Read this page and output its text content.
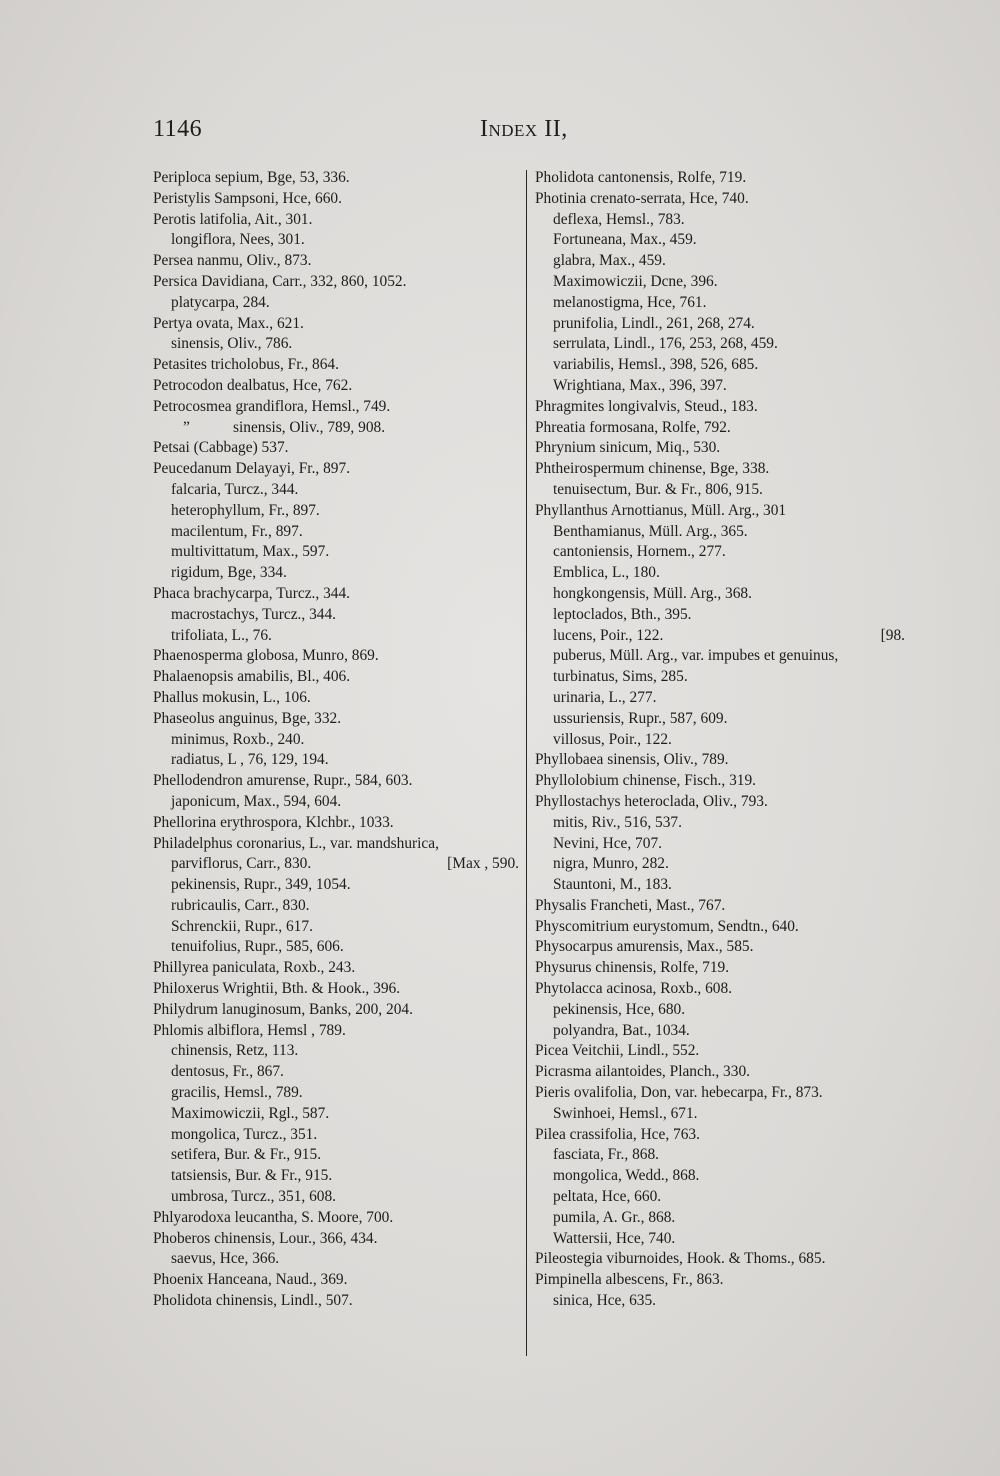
1146	Index II,
Periploca sepium, Bge, 53, 336.
Peristylis Sampsoni, Hce, 660.
Perotis latifolia, Ait., 301.
longiflora, Nees, 301.
Persea nanmu, Oliv., 873.
Persica Davidiana, Carr., 332, 860, 1052.
platycarpa, 284.
Pertya ovata, Max., 621.
sinensis, Oliv., 786.
Petasites tricholobus, Fr., 864.
Petrocodon dealbatus, Hce, 762.
Petrocosmea grandiflora, Hemsl., 749.
”	sinensis, Oliv., 789, 908.
Petsai (Cabbage) 537.
Peucedanum Delayayi, Fr., 897.
falcaria, Turcz., 344.
heterophyllum, Fr., 897.
macilentum, Fr., 897.
multivittatum, Max., 597.
rigidum, Bge, 334.
Phaca brachycarpa, Turcz., 344.
macrostachys, Turcz., 344.
trifoliata, L., 76.
Phaenosperma globosa, Munro, 869.
Phalaenopsis amabilis, Bl., 406.
Phallus mokusin, L., 106.
Phaseolus anguinus, Bge, 332.
minimus, Roxb., 240.
radiatus, L , 76, 129, 194.
Phellodendron amurense, Rupr., 584, 603.
japonicum, Max., 594, 604.
Phellorina erythrospora, Klchbr., 1033.
Philadelphus coronarius, L., var. mandshurica,
parviflorus, Carr., 830.	[Max , 590.
pekinensis, Rupr., 349, 1054.
rubricaulis, Carr., 830.
Schrenckii, Rupr., 617.
tenuifolius, Rupr., 585, 606.
Phillyrea paniculata, Roxb., 243.
Philoxerus Wrightii, Bth. & Hook., 396.
Philydrum lanuginosum, Banks, 200, 204.
Phlomis albiflora, Hemsl , 789.
chinensis, Retz, 113.
dentosus, Fr., 867.
gracilis, Hemsl., 789.
Maximowiczii, Rgl., 587.
mongolica, Turcz., 351.
setifera, Bur. & Fr., 915.
tatsiensis, Bur. & Fr., 915.
umbrosa, Turcz., 351, 608.
Phlyarodoxa leucantha, S. Moore, 700.
Phoberos chinensis, Lour., 366, 434.
saevus, Hce, 366.
Phoenix Hanceana, Naud., 369.
Pholidota chinensis, Lindl., 507.
Pholidota cantonensis, Rolfe, 719.
Photinia crenato-serrata, Hce, 740.
deflexa, Hemsl., 783.
Fortuneana, Max., 459.
glabra, Max., 459.
Maximowiczii, Dcne, 396.
melanostigma, Hce, 761.
prunifolia, Lindl., 261, 268, 274.
serrulata, Lindl., 176, 253, 268, 459.
variabilis, Hemsl., 398, 526, 685.
Wrightiana, Max., 396, 397.
Phragmites longivalvis, Steud., 183.
Phreatia formosana, Rolfe, 792.
Phrynium sinicum, Miq., 530.
Phtheirospermum chinense, Bge, 338.
tenuisectum, Bur. & Fr., 806, 915.
Phyllanthus Arnottianus, Müll. Arg., 301
Benthamianus, Müll. Arg., 365.
cantoniensis, Hornem., 277.
Emblica, L., 180.
hongkongensis, Müll. Arg., 368.
leptoclados, Bth., 395.
lucens, Poir., 122.	[98.
puberus, Müll. Arg., var. impubes et genuinus,
turbinatus, Sims, 285.
urinaria, L., 277.
ussuriensis, Rupr., 587, 609.
villosus, Poir., 122.
Phyllobaea sinensis, Oliv., 789.
Phyllolobium chinense, Fisch., 319.
Phyllostachys heteroclada, Oliv., 793.
mitis, Riv., 516, 537.
Nevini, Hce, 707.
nigra, Munro, 282.
Stauntoni, M., 183.
Physalis Francheti, Mast., 767.
Physcomitrium eurystomum, Sendtn., 640.
Physocarpus amurensis, Max., 585.
Physurus chinensis, Rolfe, 719.
Phytolacca acinosa, Roxb., 608.
pekinensis, Hce, 680.
polyandra, Bat., 1034.
Picea Veitchii, Lindl., 552.
Picrasma ailantoides, Planch., 330.
Pieris ovalifolia, Don, var. hebecarpa, Fr., 873.
Swinhoei, Hemsl., 671.
Pilea crassifolia, Hce, 763.
fasciata, Fr., 868.
mongolica, Wedd., 868.
peltata, Hce, 660.
pumila, A. Gr., 868.
Wattersii, Hce, 740.
Pileostegia viburnoides, Hook. & Thoms., 685.
Pimpinella albescens, Fr., 863.
sinica, Hce, 635.
